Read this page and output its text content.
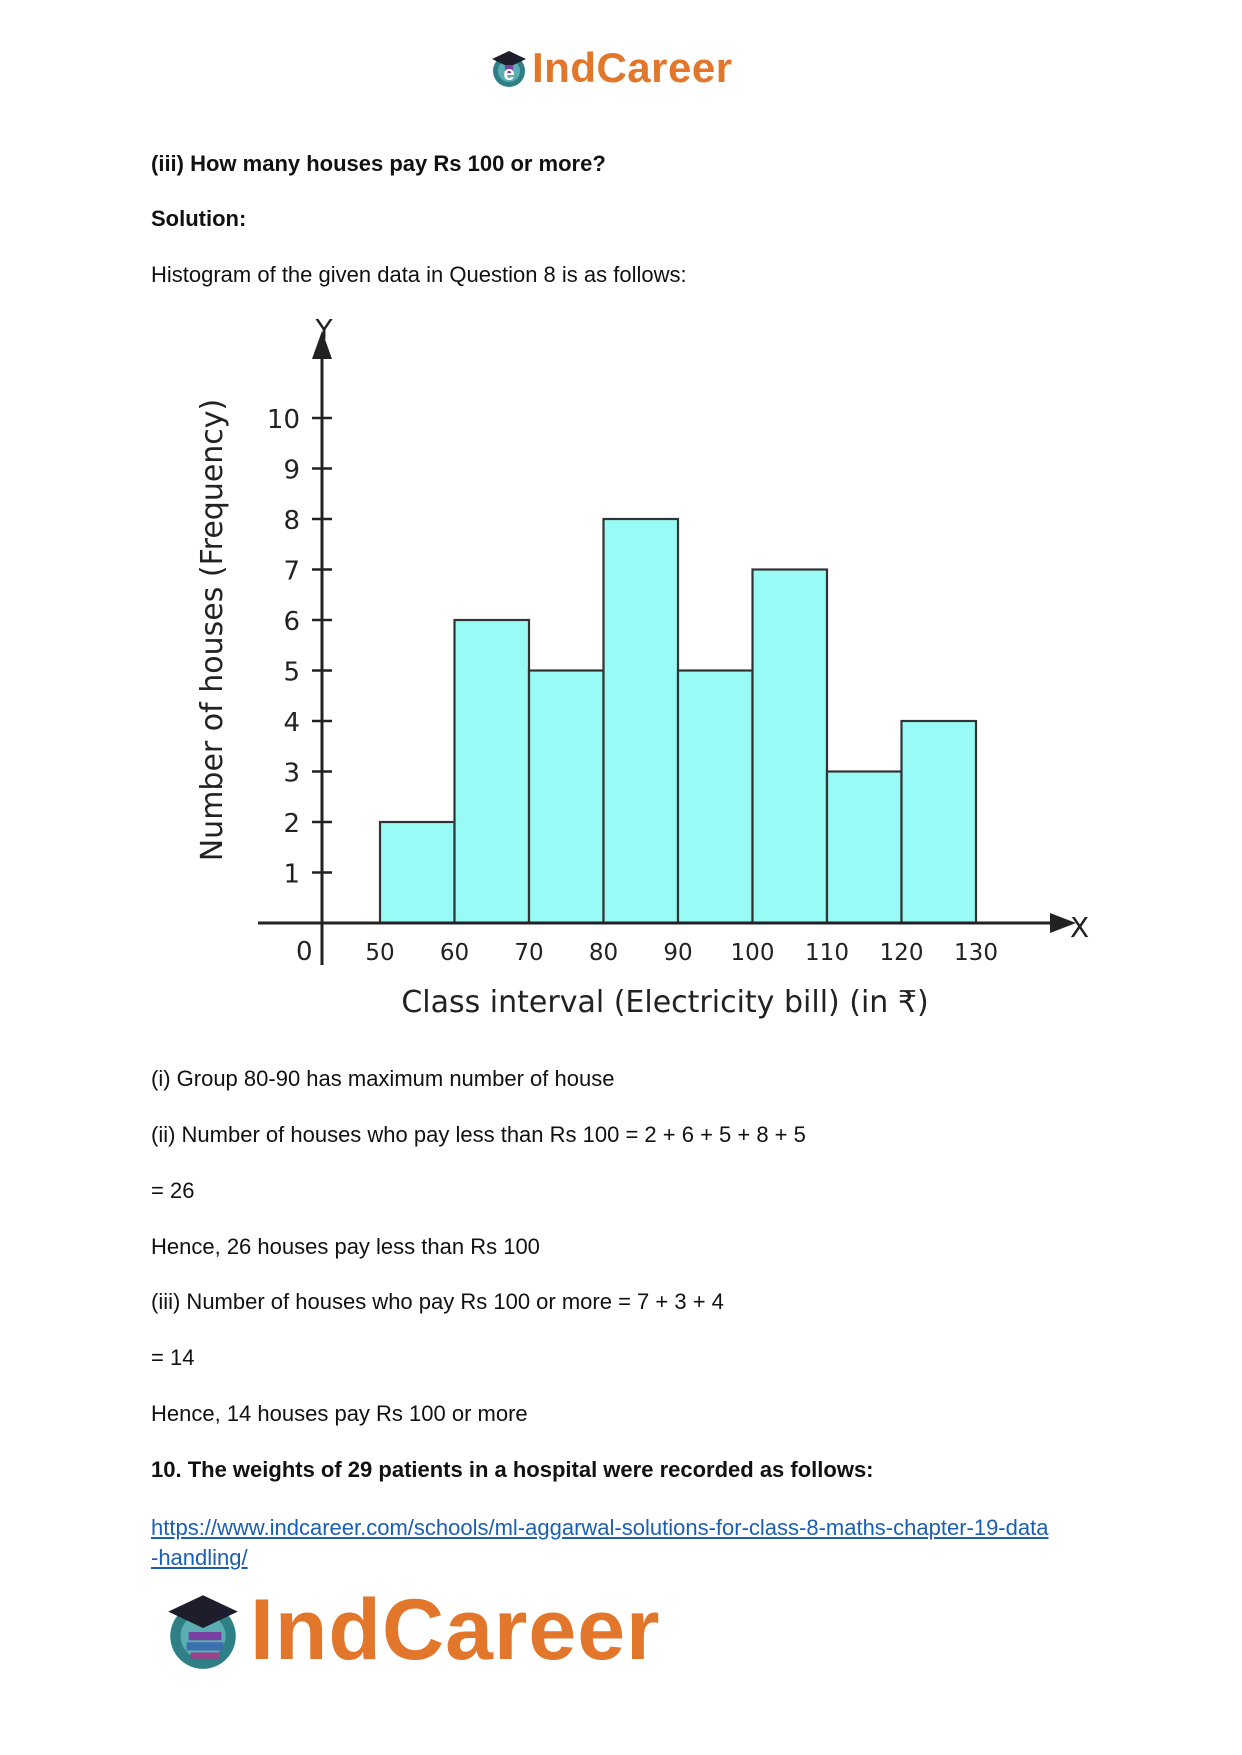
e IndCareer
(iii) How many houses pay Rs 100 or more?
Solution:
Histogram of the given data in Question 8 is as follows:
1
2
3
4
5
6
7
8
9
10
50 60 70 80 90 100 110 120 130
Number of houses (Frequency)
Class interval (Electricity bill) (in ₹)
X
Y
0
(i) Group 80-90 has maximum number of house
(ii) Number of houses who pay less than Rs 100 = 2 + 6 + 5 + 8 + 5
= 26
Hence, 26 houses pay less than Rs 100
(iii) Number of houses who pay Rs 100 or more = 7 + 3 + 4
= 14
Hence, 14 houses pay Rs 100 or more
10. The weights of 29 patients in a hospital were recorded as follows:
https://www.indcareer.com/schools/ml-aggarwal-solutions-for-class-8-maths-chapter-19-data
-handling/
IndCareer
